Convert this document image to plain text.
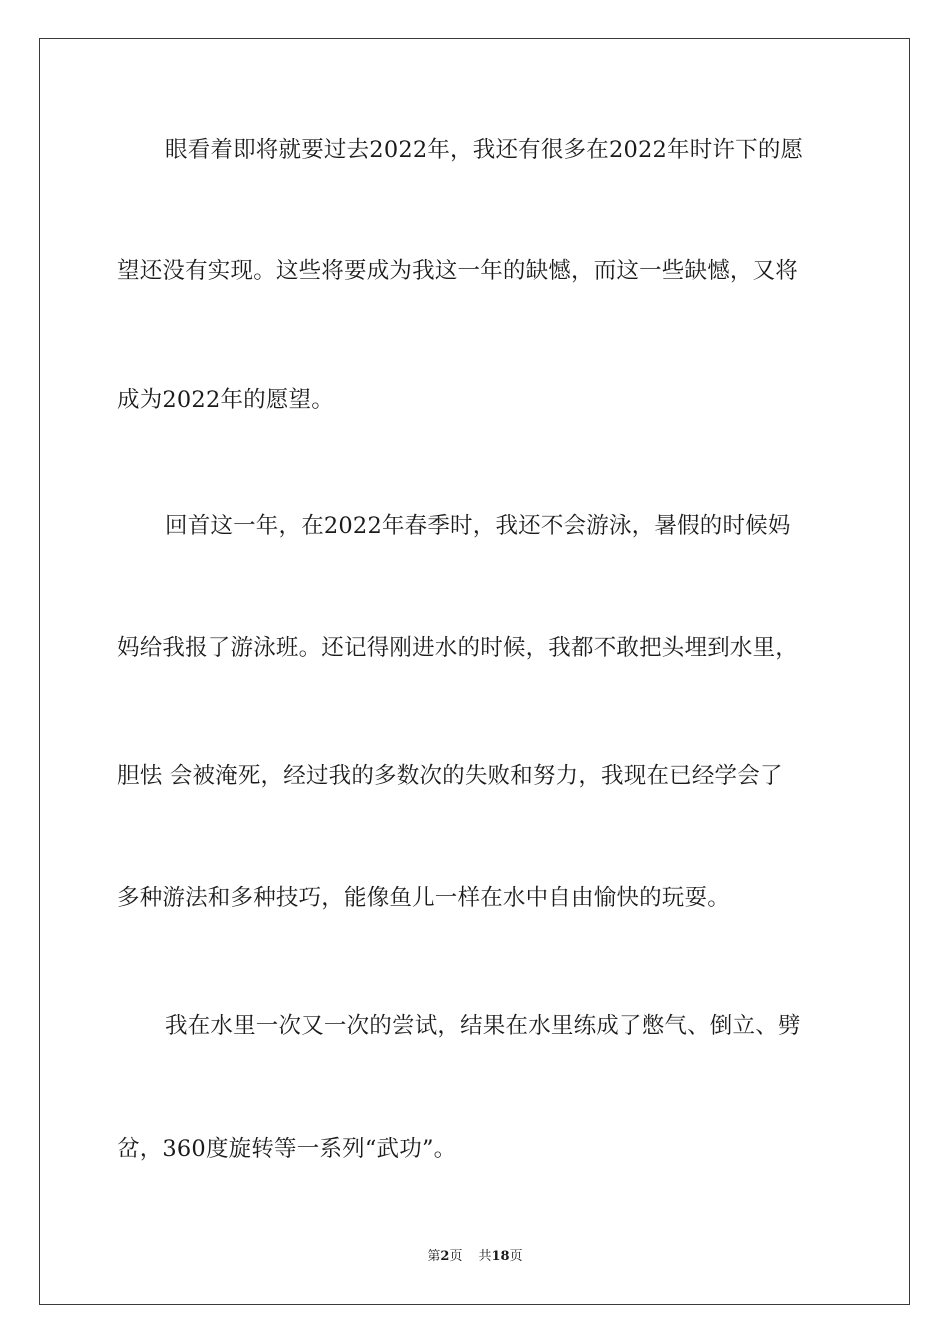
眼看着即将就要过去2022年，我还有很多在2022年时许下的愿

望还没有实现。这些将要成为我这一年的缺憾，而这一些缺憾，又将

成为2022年的愿望。

回首这一年，在2022年春季时，我还不会游泳，暑假的时候妈

妈给我报了游泳班。还记得刚进水的时候，我都不敢把头埋到水里，

胆怯 会被淹死，经过我的多数次的失败和努力，我现在已经学会了

多种游法和多种技巧，能像鱼儿一样在水中自由愉快的玩耍。

我在水里一次又一次的尝试，结果在水里练成了憋气、倒立、劈

岔，360度旋转等一系列“武功”。

第2页 共18页
